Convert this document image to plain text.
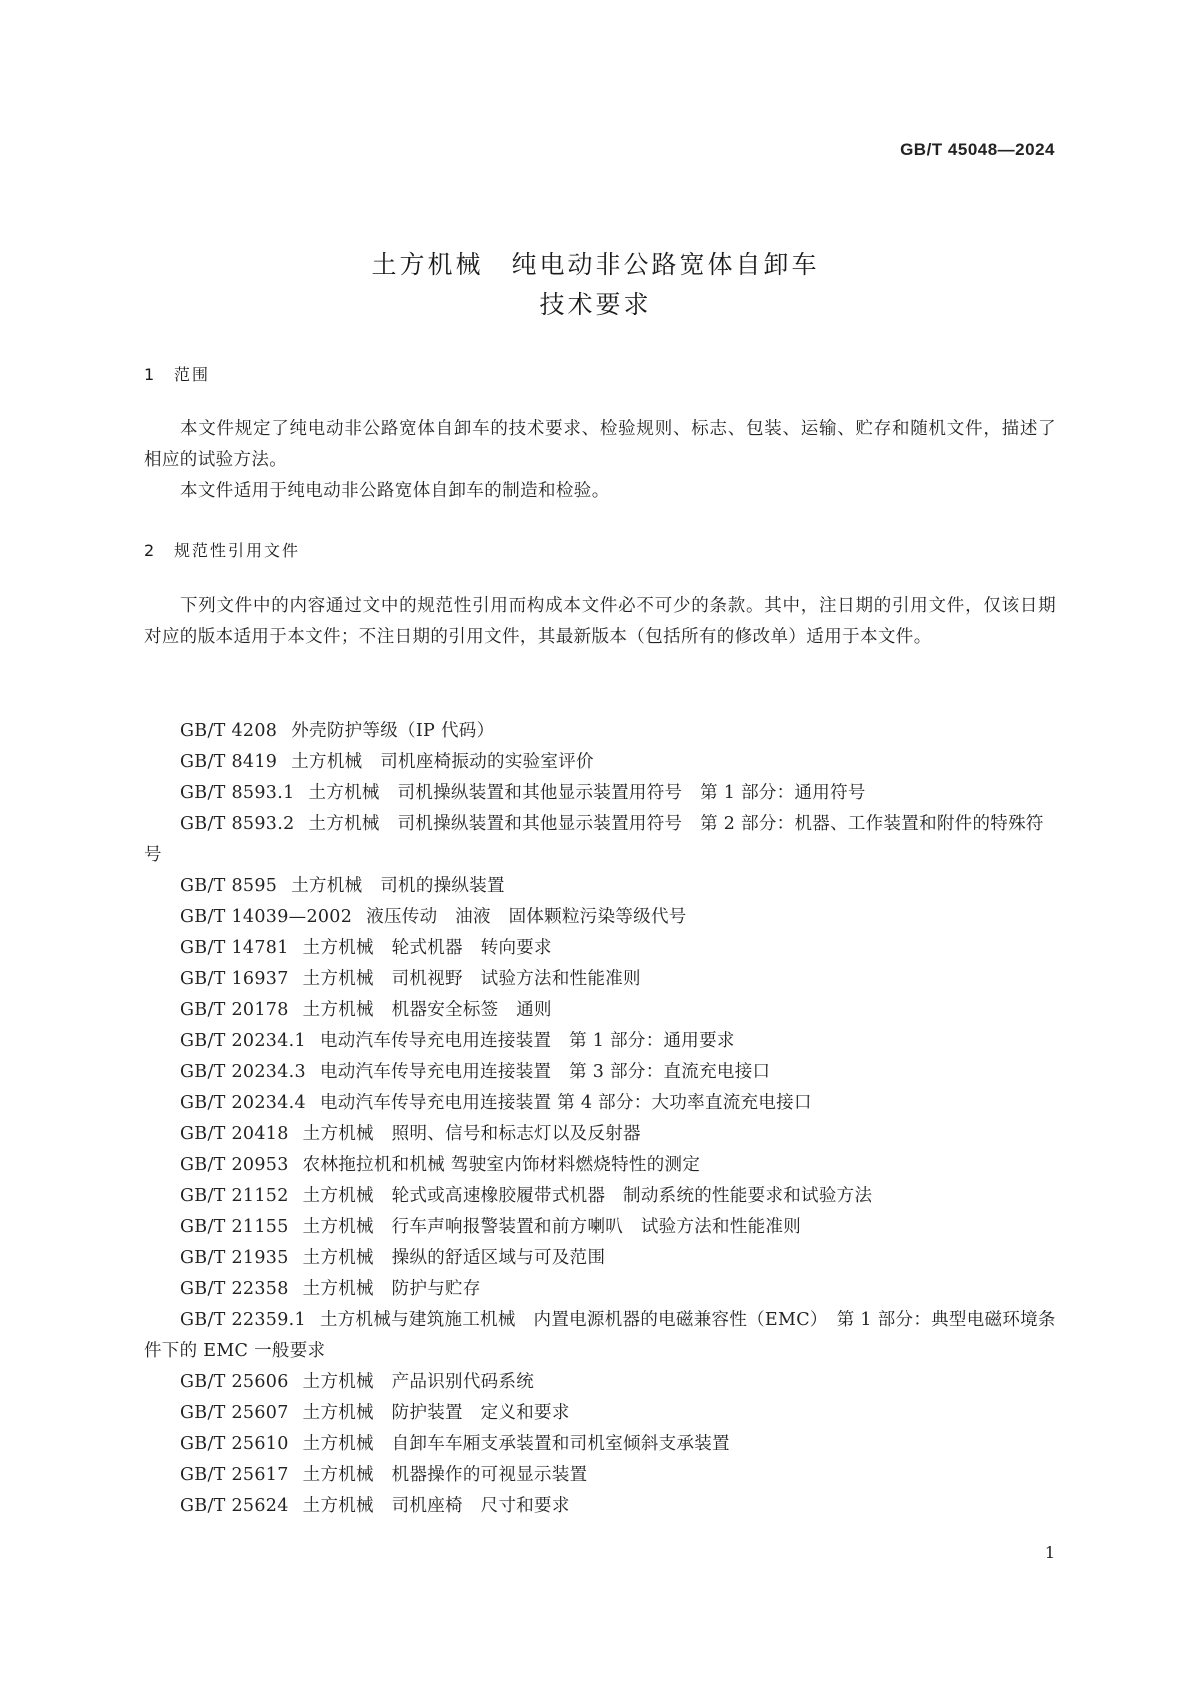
GB/T 45048—2024
土方机械　纯电动非公路宽体自卸车
技术要求
1 范围
本文件规定了纯电动非公路宽体自卸车的技术要求、检验规则、标志、包装、运输、贮存和随机文件，描述了相应的试验方法。
本文件适用于纯电动非公路宽体自卸车的制造和检验。
2 规范性引用文件
下列文件中的内容通过文中的规范性引用而构成本文件必不可少的条款。其中，注日期的引用文件，仅该日期对应的版本适用于本文件；不注日期的引用文件，其最新版本（包括所有的修改单）适用于本文件。
GB/T 4208 外壳防护等级（IP 代码）
GB/T 8419 土方机械　司机座椅振动的实验室评价
GB/T 8593.1 土方机械　司机操纵装置和其他显示装置用符号　第 1 部分：通用符号
GB/T 8593.2 土方机械　司机操纵装置和其他显示装置用符号　第 2 部分：机器、工作装置和附件的特殊符号
GB/T 8595 土方机械　司机的操纵装置
GB/T 14039—2002 液压传动　油液　固体颗粒污染等级代号
GB/T 14781 土方机械　轮式机器　转向要求
GB/T 16937 土方机械　司机视野　试验方法和性能准则
GB/T 20178 土方机械　机器安全标签　通则
GB/T 20234.1 电动汽车传导充电用连接装置　第 1 部分：通用要求
GB/T 20234.3 电动汽车传导充电用连接装置　第 3 部分：直流充电接口
GB/T 20234.4 电动汽车传导充电用连接装置 第 4 部分：大功率直流充电接口
GB/T 20418 土方机械　照明、信号和标志灯以及反射器
GB/T 20953 农林拖拉机和机械 驾驶室内饰材料燃烧特性的测定
GB/T 21152 土方机械　轮式或高速橡胶履带式机器　制动系统的性能要求和试验方法
GB/T 21155 土方机械　行车声响报警装置和前方喇叭　试验方法和性能准则
GB/T 21935 土方机械　操纵的舒适区域与可及范围
GB/T 22358 土方机械　防护与贮存
GB/T 22359.1 土方机械与建筑施工机械　内置电源机器的电磁兼容性（EMC）　第 1 部分：典型电磁环境条件下的 EMC 一般要求
GB/T 25606 土方机械　产品识别代码系统
GB/T 25607 土方机械　防护装置　定义和要求
GB/T 25610 土方机械　自卸车车厢支承装置和司机室倾斜支承装置
GB/T 25617 土方机械　机器操作的可视显示装置
GB/T 25624 土方机械　司机座椅　尺寸和要求
1
